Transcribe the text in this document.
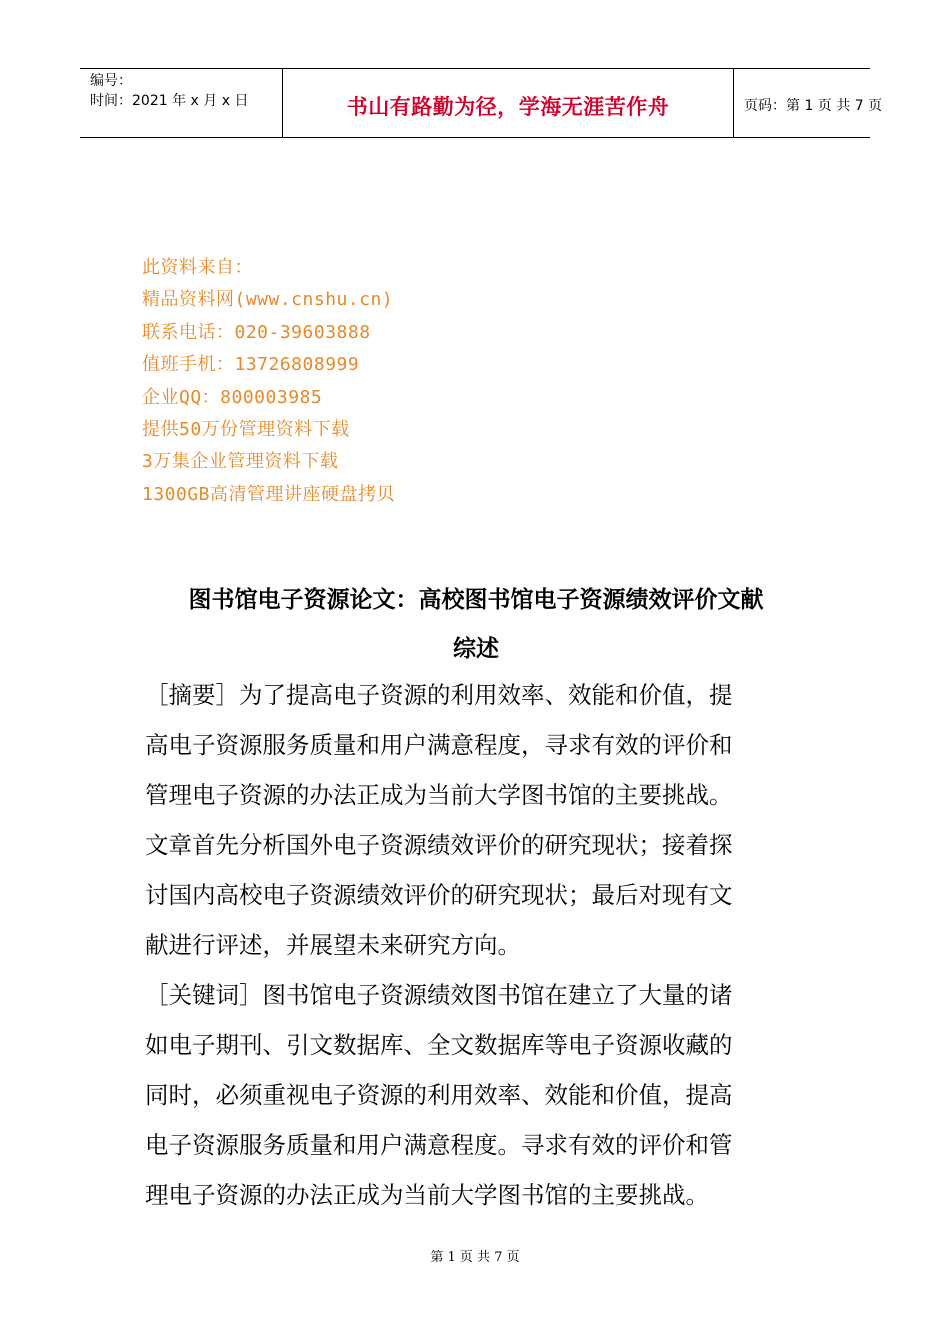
编号：
时间：2021 年 x 月 x 日	书山有路勤为径，学海无涯苦作舟	页码：第 1 页 共 7 页
此资料来自：
精品资料网(www.cnshu.cn)
联系电话：020-39603888
值班手机：13726808999
企业QQ：800003985
提供50万份管理资料下载
3万集企业管理资料下载
1300GB高清管理讲座硬盘拷贝
图书馆电子资源论文：高校图书馆电子资源绩效评价文献
综述
［摘要］为了提高电子资源的利用效率、效能和价值，提
高电子资源服务质量和用户满意程度，寻求有效的评价和
管理电子资源的办法正成为当前大学图书馆的主要挑战。
文章首先分析国外电子资源绩效评价的研究现状；接着探
讨国内高校电子资源绩效评价的研究现状；最后对现有文
献进行评述，并展望未来研究方向。
［关键词］图书馆电子资源绩效图书馆在建立了大量的诸
如电子期刊、引文数据库、全文数据库等电子资源收藏的
同时，必须重视电子资源的利用效率、效能和价值，提高
电子资源服务质量和用户满意程度。寻求有效的评价和管
理电子资源的办法正成为当前大学图书馆的主要挑战。
第 1 页 共 7 页
